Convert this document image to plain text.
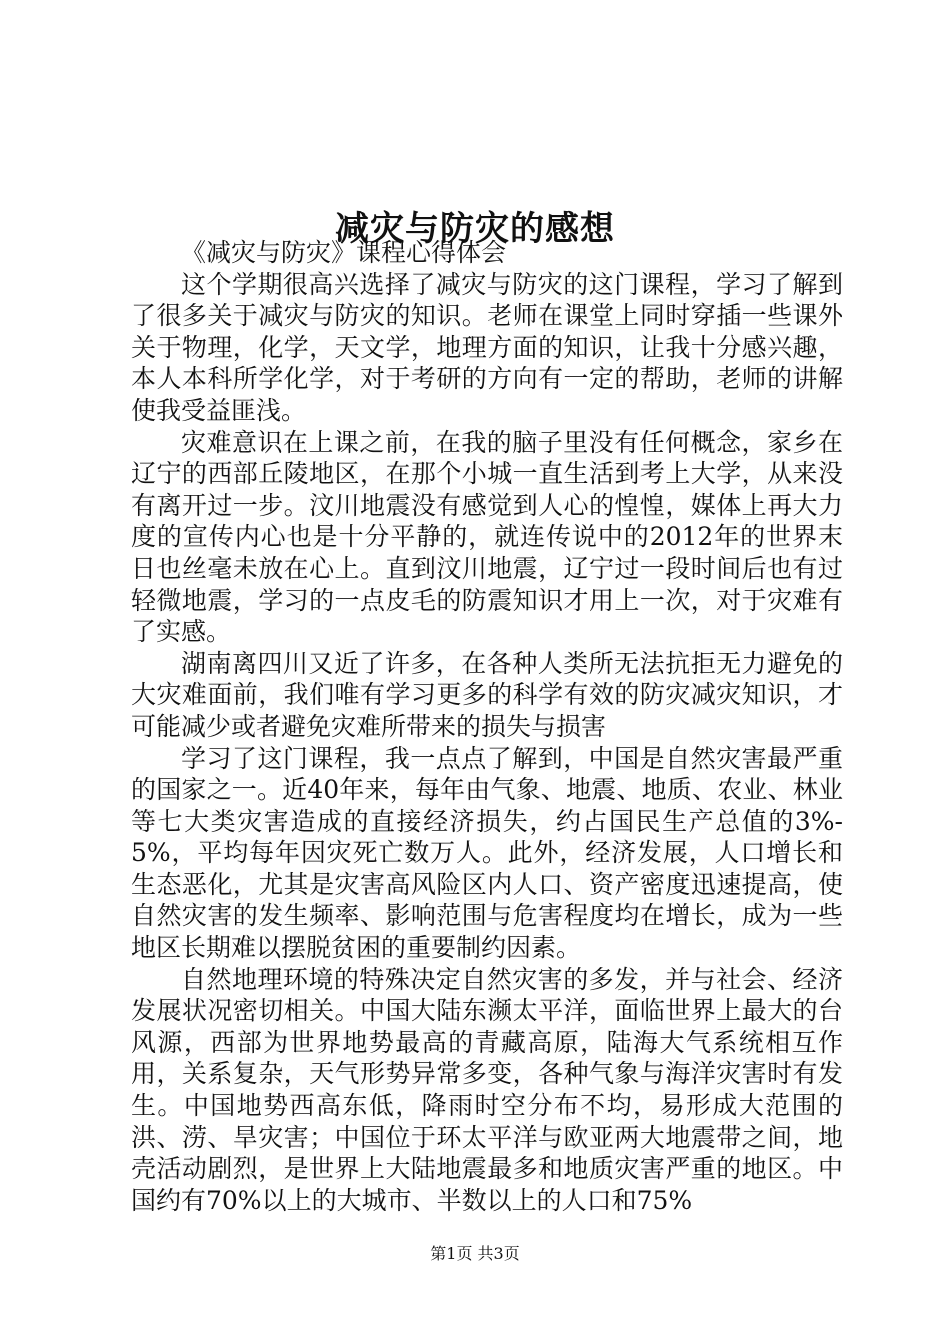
减灾与防灾的感想

《减灾与防灾》课程心得体会

这个学期很高兴选择了减灾与防灾的这门课程，学习了解到了很多关于减灾与防灾的知识。老师在课堂上同时穿插一些课外关于物理，化学，天文学，地理方面的知识，让我十分感兴趣，本人本科所学化学，对于考研的方向有一定的帮助，老师的讲解使我受益匪浅。

灾难意识在上课之前，在我的脑子里没有任何概念，家乡在辽宁的西部丘陵地区，在那个小城一直生活到考上大学，从来没有离开过一步。汶川地震没有感觉到人心的惶惶，媒体上再大力度的宣传内心也是十分平静的，就连传说中的2012年的世界末日也丝毫未放在心上。直到汶川地震，辽宁过一段时间后也有过轻微地震，学习的一点皮毛的防震知识才用上一次，对于灾难有了实感。

湖南离四川又近了许多，在各种人类所无法抗拒无力避免的大灾难面前，我们唯有学习更多的科学有效的防灾减灾知识，才可能减少或者避免灾难所带来的损失与损害

学习了这门课程，我一点点了解到，中国是自然灾害最严重的国家之一。近40年来，每年由气象、地震、地质、农业、林业等七大类灾害造成的直接经济损失，约占国民生产总值的3%-5%，平均每年因灾死亡数万人。此外，经济发展，人口增长和生态恶化，尤其是灾害高风险区内人口、资产密度迅速提高，使自然灾害的发生频率、影响范围与危害程度均在增长，成为一些地区长期难以摆脱贫困的重要制约因素。

自然地理环境的特殊决定自然灾害的多发，并与社会、经济发展状况密切相关。中国大陆东濒太平洋，面临世界上最大的台风源，西部为世界地势最高的青藏高原，陆海大气系统相互作用，关系复杂，天气形势异常多变，各种气象与海洋灾害时有发生。中国地势西高东低，降雨时空分布不均，易形成大范围的洪、涝、旱灾害；中国位于环太平洋与欧亚两大地震带之间，地壳活动剧烈，是世界上大陆地震最多和地质灾害严重的地区。中国约有70%以上的大城市、半数以上的人口和75%

第1页 共3页
